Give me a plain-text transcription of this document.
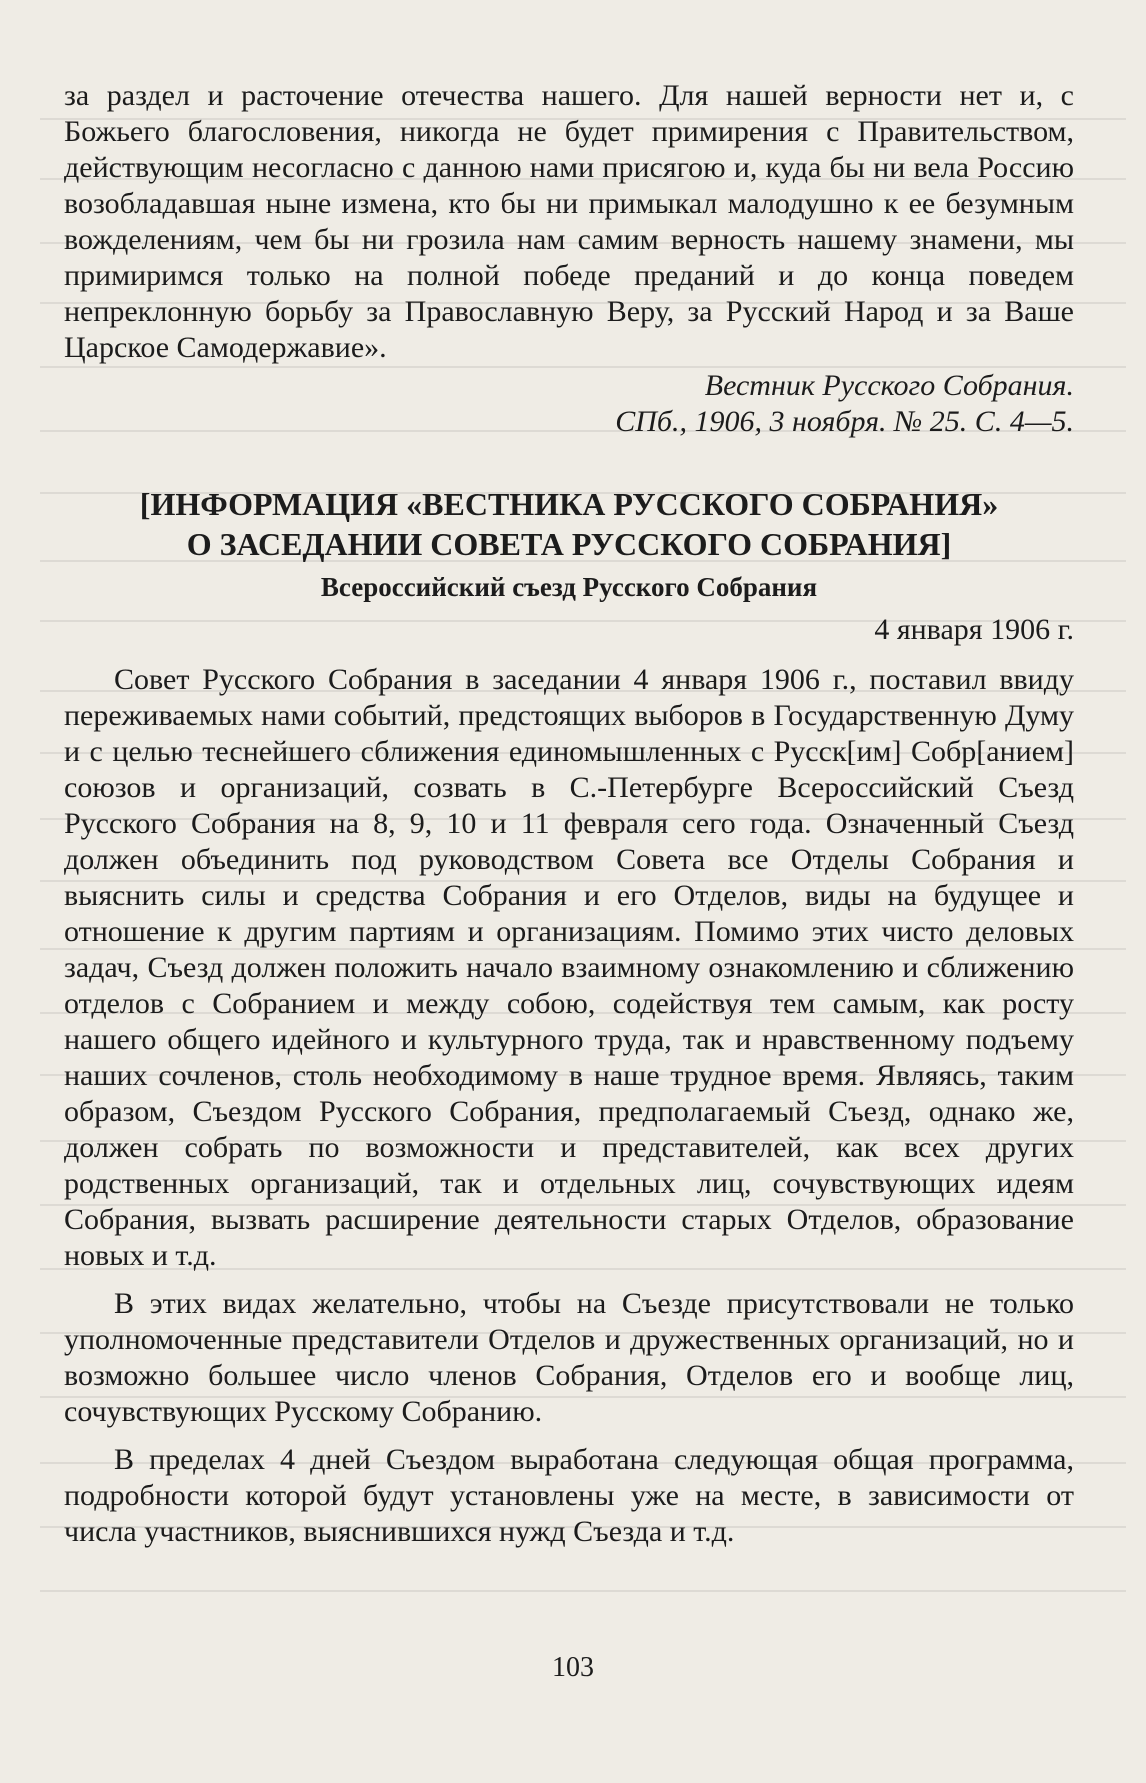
за раздел и расточение отечества нашего. Для нашей верности нет и, с Божьего благословения, никогда не будет примирения с Правительством, действующим несогласно с данною нами присягою и, куда бы ни вела Россию возобладавшая ныне измена, кто бы ни примыкал малодушно к ее безумным вожделениям, чем бы ни грозила нам самим верность нашему знамени, мы примиримся только на полной победе преданий и до конца поведем непреклонную борьбу за Православную Веру, за Русский Народ и за Ваше Царское Самодержавие».

Вестник Русского Собрания.
СПб., 1906, 3 ноября. № 25. С. 4—5.
[ИНФОРМАЦИЯ «ВЕСТНИКА РУССКОГО СОБРАНИЯ»
О ЗАСЕДАНИИ СОВЕТА РУССКОГО СОБРАНИЯ]
Всероссийский съезд Русского Собрания
4 января 1906 г.

Совет Русского Собрания в заседании 4 января 1906 г., поставил ввиду переживаемых нами событий, предстоящих выборов в Государственную Думу и с целью теснейшего сближения единомышленных с Русск[им] Собр[анием] союзов и организаций, созвать в С.-Петербурге Всероссийский Съезд Русского Собрания на 8, 9, 10 и 11 февраля сего года. Означенный Съезд должен объединить под руководством Совета все Отделы Собрания и выяснить силы и средства Собрания и его Отделов, виды на будущее и отношение к другим партиям и организациям. Помимо этих чисто деловых задач, Съезд должен положить начало взаимному ознакомлению и сближению отделов с Собранием и между собою, содействуя тем самым, как росту нашего общего идейного и культурного труда, так и нравственному подъему наших сочленов, столь необходимому в наше трудное время. Являясь, таким образом, Съездом Русского Собрания, предполагаемый Съезд, однако же, должен собрать по возможности и представителей, как всех других родственных организаций, так и отдельных лиц, сочувствующих идеям Собрания, вызвать расширение деятельности старых Отделов, образование новых и т.д.

В этих видах желательно, чтобы на Съезде присутствовали не только уполномоченные представители Отделов и дружественных организаций, но и возможно большее число членов Собрания, Отделов его и вообще лиц, сочувствующих Русскому Собранию.

В пределах 4 дней Съездом выработана следующая общая программа, подробности которой будут установлены уже на месте, в зависимости от числа участников, выяснившихся нужд Съезда и т.д.

103
